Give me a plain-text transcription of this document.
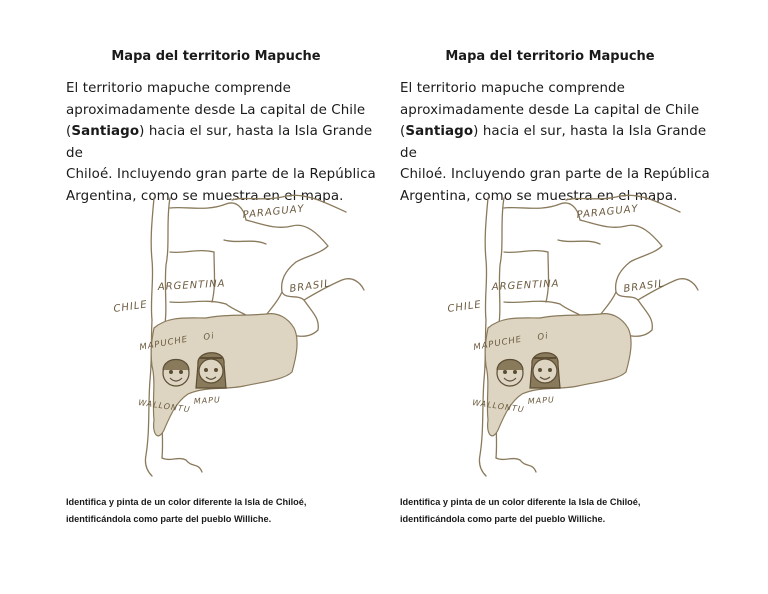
Mapa del territorio Mapuche
El territorio mapuche comprende
aproximadamente desde La capital de Chile
(Santiago) hacia el sur, hasta la Isla Grande de
Chiloé. Incluyendo gran parte de la República
Argentina, como se muestra en el mapa.
PARAGUAY
ARGENTINA	BRASIL
CHILE
MAPUCHE Oi
WALLONTU MAPU
Identifica y pinta de un color diferente la Isla de Chiloé,
identificándola como parte del pueblo Williche.
Mapa del territorio Mapuche
El territorio mapuche comprende
aproximadamente desde La capital de Chile
(Santiago) hacia el sur, hasta la Isla Grande de
Chiloé. Incluyendo gran parte de la República
Argentina, como se muestra en el mapa.
PARAGUAY
ARGENTINA	BRASIL
CHILE
MAPUCHE Oi
WALLONTU MAPU
Identifica y pinta de un color diferente la Isla de Chiloé,
identificándola como parte del pueblo Williche.
